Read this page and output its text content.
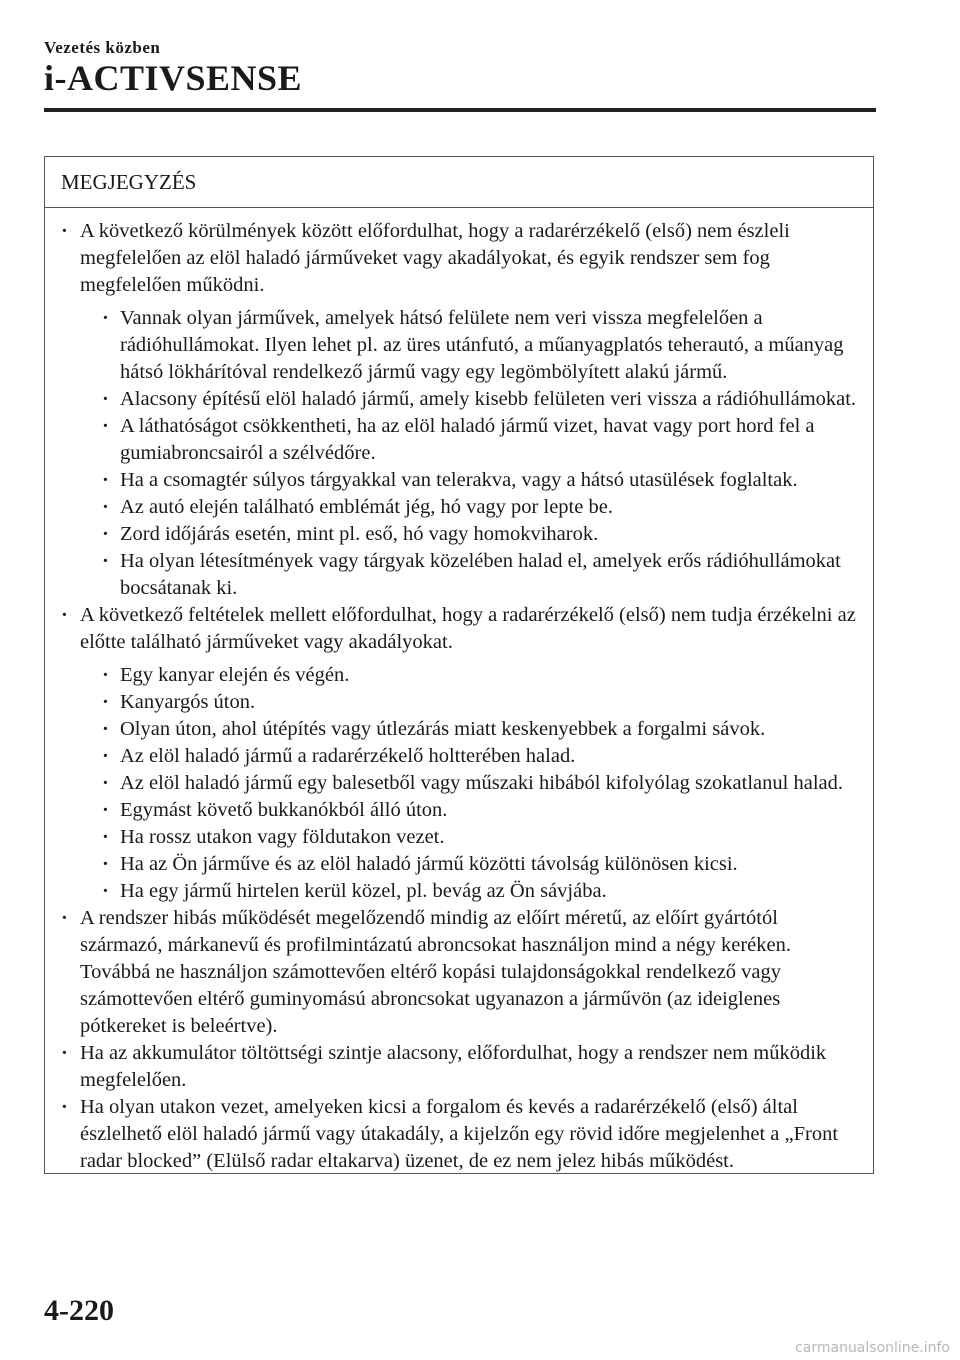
Vezetés közben
i-ACTIVSENSE
MEGJEGYZÉS
· A következő körülmények között előfordulhat, hogy a radarérzékelő (első) nem észleli megfelelően az elöl haladó járműveket vagy akadályokat, és egyik rendszer sem fog megfelelően működni.
· Vannak olyan járművek, amelyek hátsó felülete nem veri vissza megfelelően a rádióhullámokat. Ilyen lehet pl. az üres utánfutó, a műanyagplatós teherautó, a műanyag hátsó lökhárítóval rendelkező jármű vagy egy legömbölyített alakú jármű.
· Alacsony építésű elöl haladó jármű, amely kisebb felületen veri vissza a rádióhullámokat.
· A láthatóságot csökkentheti, ha az elöl haladó jármű vizet, havat vagy port hord fel a gumiabroncsairól a szélvédőre.
· Ha a csomagtér súlyos tárgyakkal van telerakva, vagy a hátsó utasülések foglaltak.
· Az autó elején található emblémát jég, hó vagy por lepte be.
· Zord időjárás esetén, mint pl. eső, hó vagy homokviharok.
· Ha olyan létesítmények vagy tárgyak közelében halad el, amelyek erős rádióhullámokat bocsátanak ki.
· A következő feltételek mellett előfordulhat, hogy a radarérzékelő (első) nem tudja érzékelni az előtte található járműveket vagy akadályokat.
· Egy kanyar elején és végén.
· Kanyargós úton.
· Olyan úton, ahol útépítés vagy útlezárás miatt keskenyebbek a forgalmi sávok.
· Az elöl haladó jármű a radarérzékelő holtterében halad.
· Az elöl haladó jármű egy balesetből vagy műszaki hibából kifolyólag szokatlanul halad.
· Egymást követő bukkanókból álló úton.
· Ha rossz utakon vagy földutakon vezet.
· Ha az Ön járműve és az elöl haladó jármű közötti távolság különösen kicsi.
· Ha egy jármű hirtelen kerül közel, pl. bevág az Ön sávjába.
· A rendszer hibás működését megelőzendő mindig az előírt méretű, az előírt gyártótól származó, márkanevű és profilmintázatú abroncsokat használjon mind a négy keréken. Továbbá ne használjon számottevően eltérő kopási tulajdonságokkal rendelkező vagy számottevően eltérő guminyomású abroncsokat ugyanazon a járművön (az ideiglenes pótkereket is beleértve).
· Ha az akkumulátor töltöttségi szintje alacsony, előfordulhat, hogy a rendszer nem működik megfelelően.
· Ha olyan utakon vezet, amelyeken kicsi a forgalom és kevés a radarérzékelő (első) által észlelhető elöl haladó jármű vagy útakadály, a kijelzőn egy rövid időre megjelenhet a „Front radar blocked” (Elülső radar eltakarva) üzenet, de ez nem jelez hibás működést.
4-220
carmanualsonline.info
